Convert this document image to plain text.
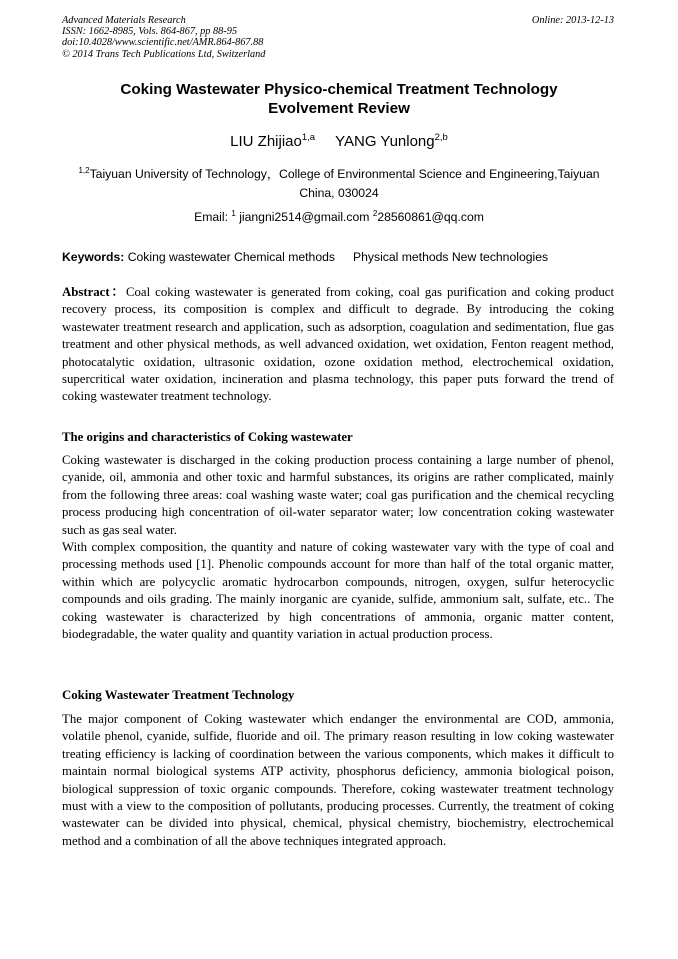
Advanced Materials Research
ISSN: 1662-8985, Vols. 864-867, pp 88-95
doi:10.4028/www.scientific.net/AMR.864-867.88
© 2014 Trans Tech Publications Ltd, Switzerland
Online: 2013-12-13
Coking Wastewater Physico-chemical Treatment Technology
Evolvement Review
LIU Zhijiao$^{1,a}$ YANG Yunlong$^{2,b}$
$^{1,2}$Taiyuan University of Technology，College of Environmental Science and Engineering,Taiyuan
China, 030024
Email: $^1$ jiangni2514@gmail.com $^2$28560861@qq.com
Keywords: Coking wastewater Chemical methods Physical methods New technologies

Abstract：Coal coking wastewater is generated from coking, coal gas purification and coking product recovery process, its composition is complex and difficult to degrade. By introducing the coking wastewater treatment research and application, such as adsorption, coagulation and sedimentation, flue gas treatment and other physical methods, as well advanced oxidation, wet oxidation, Fenton reagent method, photocatalytic oxidation, ultrasonic oxidation, ozone oxidation method, electrochemical oxidation, supercritical water oxidation, incineration and plasma technology, this paper puts forward the trend of coking wastewater treatment technology.

The origins and characteristics of Coking wastewater

Coking wastewater is discharged in the coking production process containing a large number of phenol, cyanide, oil, ammonia and other toxic and harmful substances, its origins are rather complicated, mainly from the following three areas: coal washing waste water; coal gas purification and the chemical recycling process producing high concentration of oil-water separator water; low concentration coking wastewater such as gas seal water.

With complex composition, the quantity and nature of coking wastewater vary with the type of coal and processing methods used [1]. Phenolic compounds account for more than half of the total organic matter, within which are polycyclic aromatic hydrocarbon compounds, nitrogen, oxygen, sulfur heterocyclic compounds and oils grading. The mainly inorganic are cyanide, sulfide, ammonium salt, sulfate, etc.. The coking wastewater is characterized by high concentrations of ammonia, organic matter content, biodegradable, the water quality and quantity variation in actual production process.

Coking Wastewater Treatment Technology

The major component of Coking wastewater which endanger the environmental are COD, ammonia, volatile phenol, cyanide, sulfide, fluoride and oil. The primary reason resulting in low coking wastewater treating efficiency is lacking of coordination between the various components, which makes it difficult to maintain normal biological systems ATP activity, phosphorus deficiency, ammonia biological poison, biological suppression of toxic organic compounds. Therefore, coking wastewater treatment technology must with a view to the composition of pollutants, producing processes. Currently, the treatment of coking wastewater can be divided into physical, chemical, physical chemistry, biochemistry, electrochemical method and a combination of all the above techniques integrated approach.
